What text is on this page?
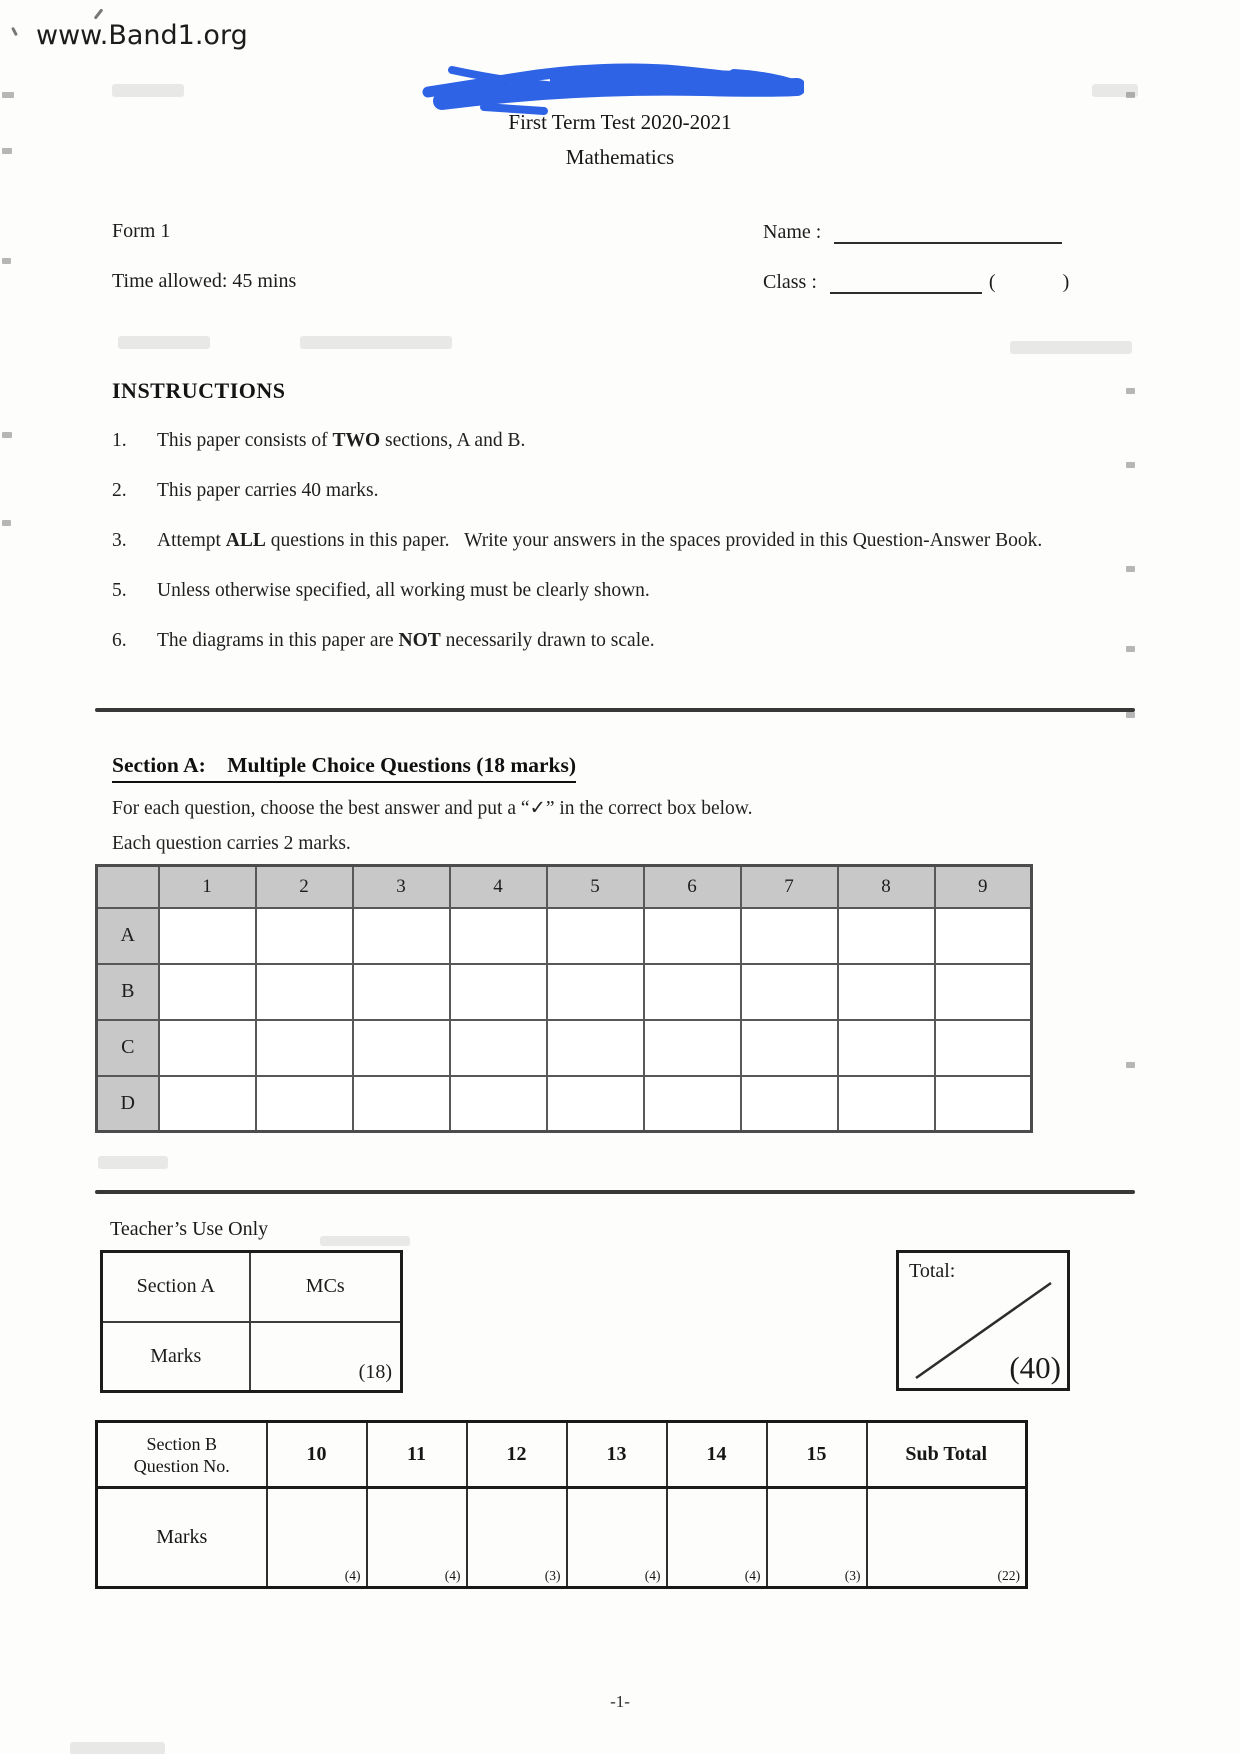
www.Band1.org
First Term Test 2020-2021
Mathematics
Form 1
Time allowed: 45 mins
Name :
Class :	(	)
INSTRUCTIONS
1.	This paper consists of TWO sections, A and B.
2.	This paper carries 40 marks.
3.	Attempt ALL questions in this paper.   Write your answers in the spaces provided in this Question-Answer Book.
5.	Unless otherwise specified, all working must be clearly shown.
6.	The diagrams in this paper are NOT necessarily drawn to scale.
Section A:    Multiple Choice Questions (18 marks)
For each question, choose the best answer and put a “✓” in the correct box below.
Each question carries 2 marks.
	1	2	3	4	5	6	7	8	9
A									
B									
C									
D									
Teacher’s Use Only
Section A	MCs
Marks	(18)
Total:
(40)
Section B
Question No.	10	11	12	13	14	15	Sub Total
Marks	(4)	(4)	(3)	(4)	(4)	(3)	(22)
-1-
